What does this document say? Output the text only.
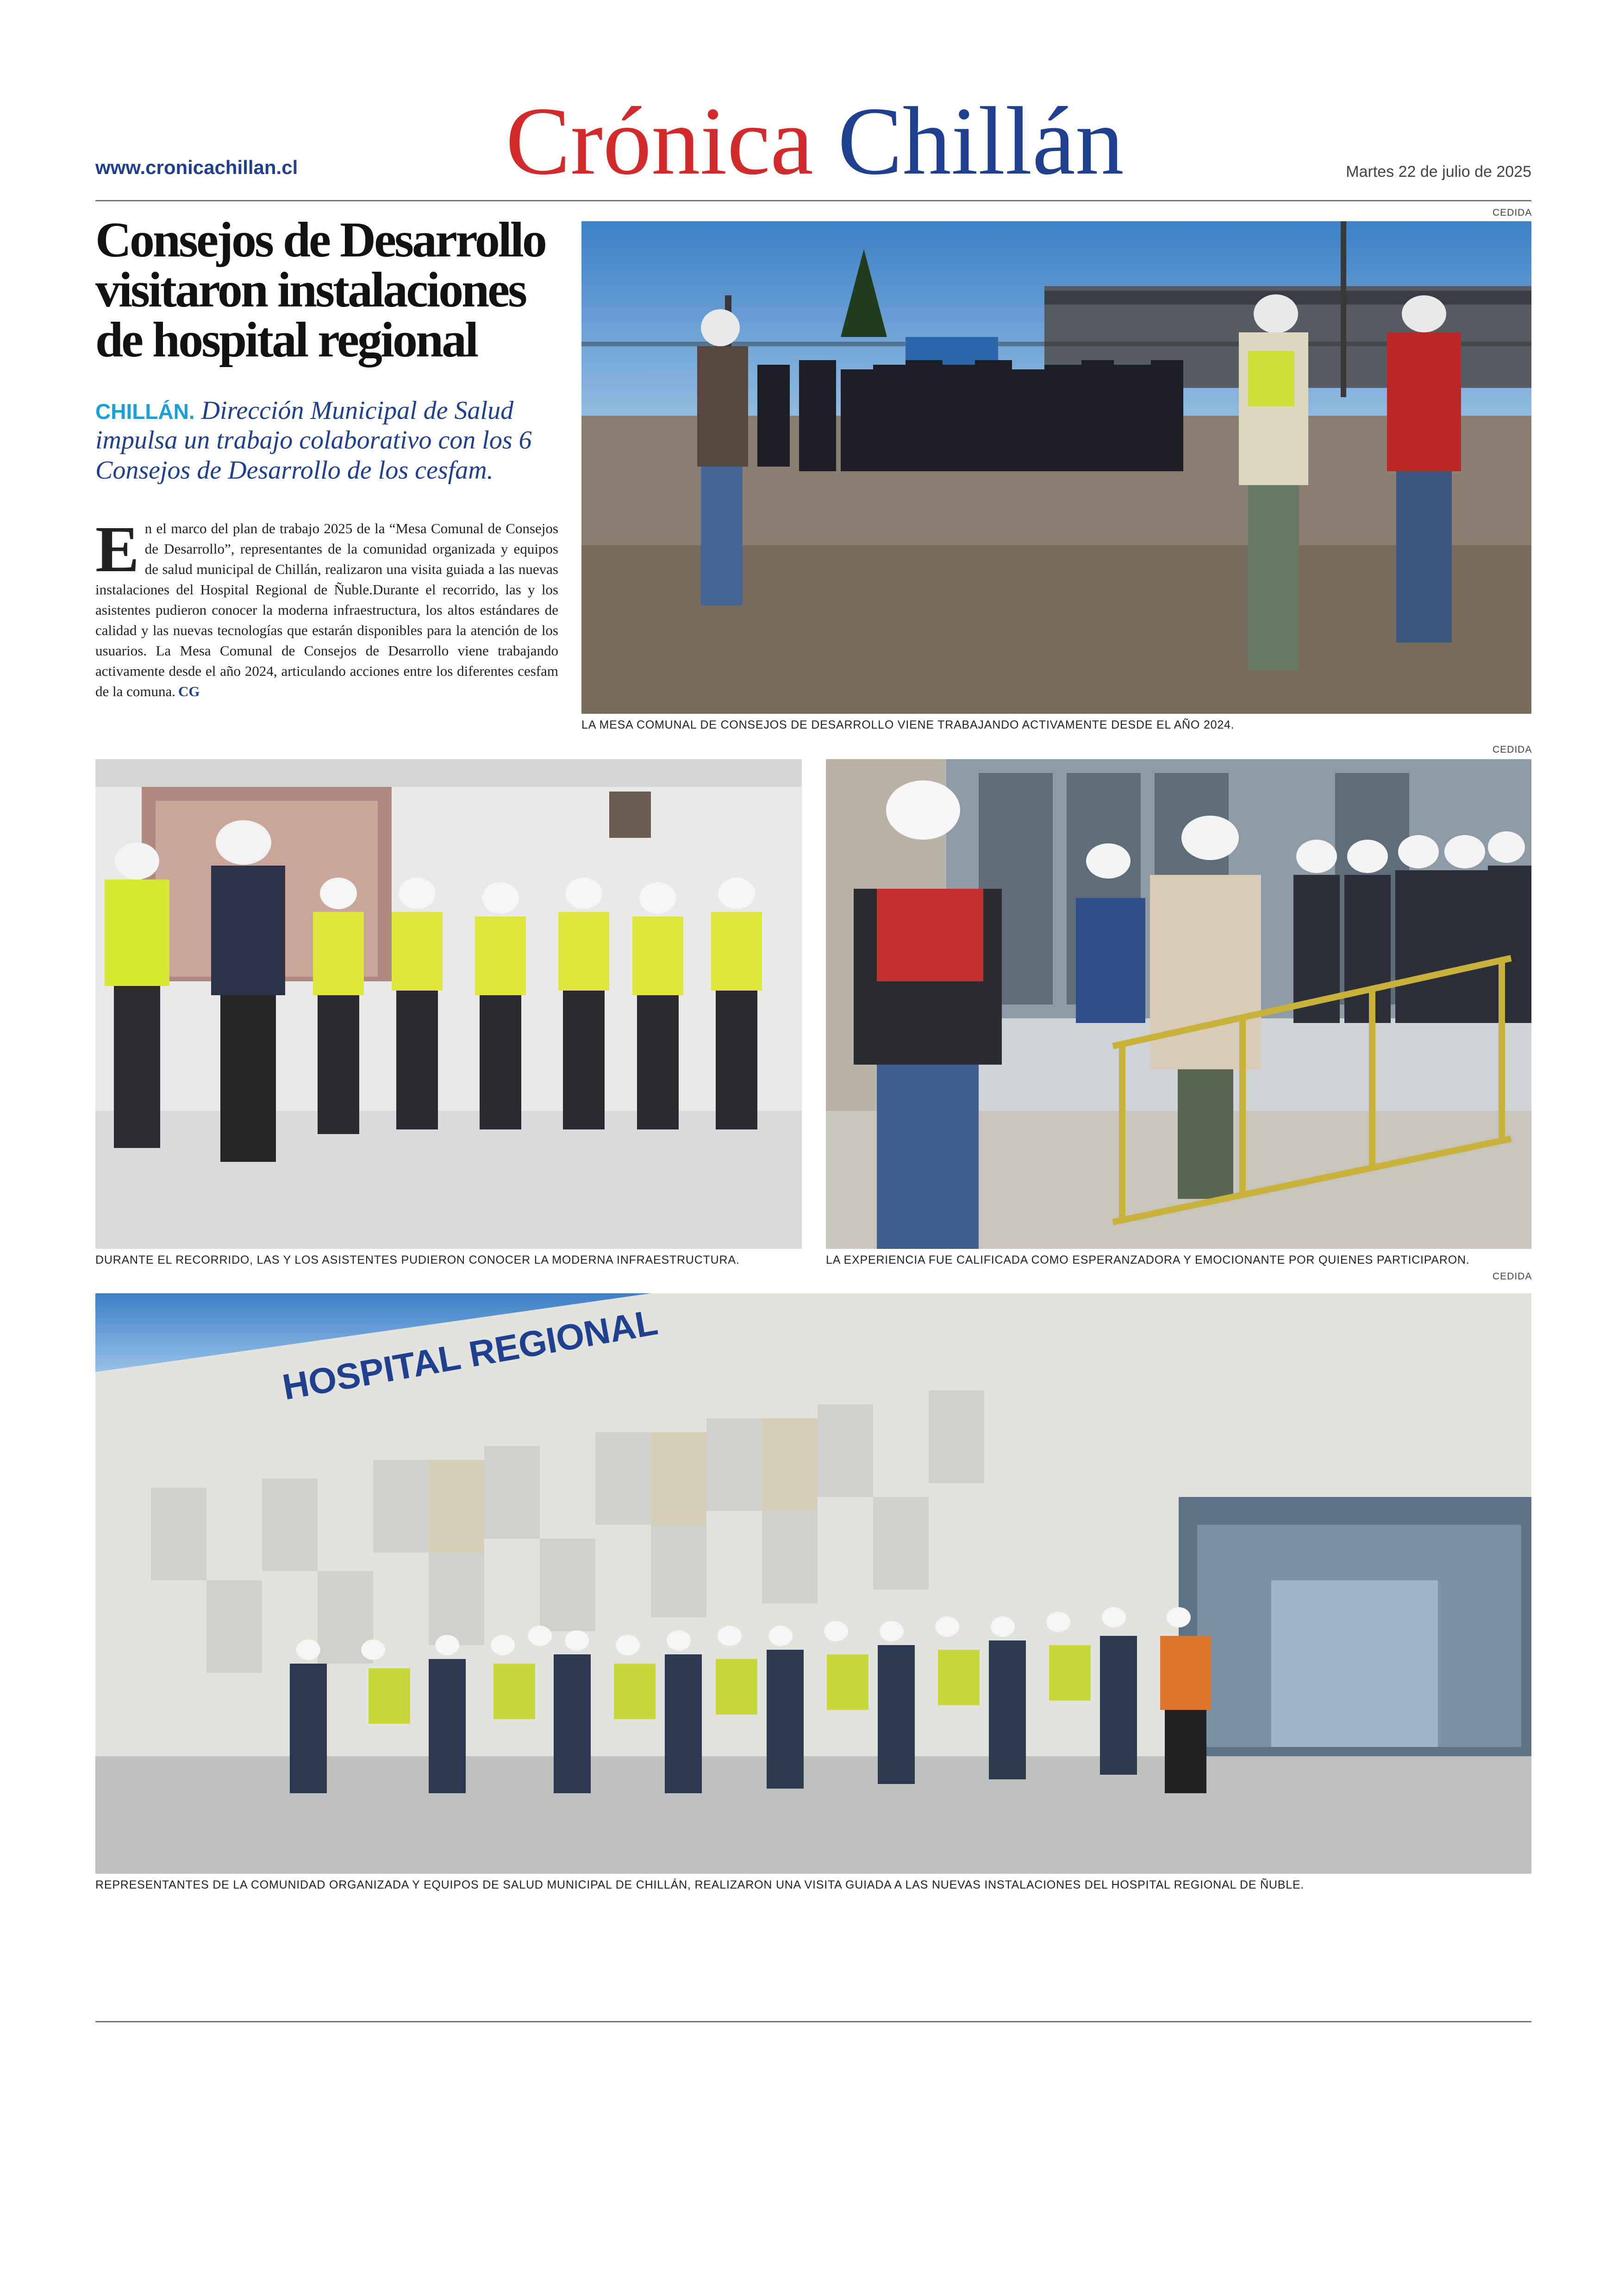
www.cronicachillan.cl Crónica Chillán	Martes 22 de julio de 2025
Consejos de Desarrollo visitaron instalaciones de hospital regional
CHILLÁN. Dirección Municipal de Salud impulsa un trabajo colaborativo con los 6 Consejos de Desarrollo de los cesfam.
En el marco del plan de trabajo 2025 de la “Mesa Comunal de Consejos de Desarrollo”, representantes de la comunidad organizada y equipos de salud municipal de Chillán, realizaron una visita guiada a las nuevas instalaciones del Hospital Regional de Ñuble.Durante el recorrido, las y los asistentes pudieron conocer la moderna infraestructura, los altos estándares de calidad y las nuevas tecnologías que estarán disponibles para la atención de los usuarios. La Mesa Comunal de Consejos de Desarrollo viene trabajando activamente desde el año 2024, articulando acciones entre los diferentes cesfam de la comuna. CG
CEDIDA
LA MESA COMUNAL DE CONSEJOS DE DESARROLLO VIENE TRABAJANDO ACTIVAMENTE DESDE EL AÑO 2024.
CEDIDA
DURANTE EL RECORRIDO, LAS Y LOS ASISTENTES PUDIERON CONOCER LA MODERNA INFRAESTRUCTURA.	LA EXPERIENCIA FUE CALIFICADA COMO ESPERANZADORA Y EMOCIONANTE POR QUIENES PARTICIPARON.
CEDIDA
HOSPITAL REGIONAL
REPRESENTANTES DE LA COMUNIDAD ORGANIZADA Y EQUIPOS DE SALUD MUNICIPAL DE CHILLÁN, REALIZARON UNA VISITA GUIADA A LAS NUEVAS INSTALACIONES DEL HOSPITAL REGIONAL DE ÑUBLE.
